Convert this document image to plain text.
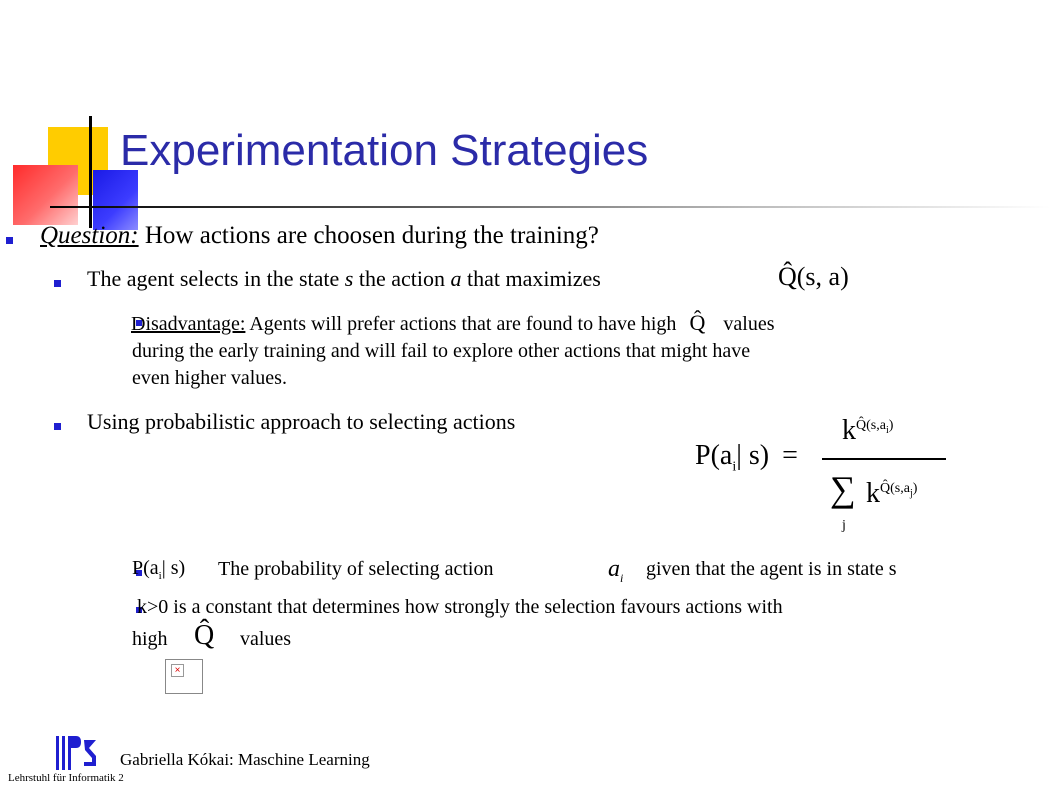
Experimentation Strategies
Question: How actions are choosen during the training?
The agent selects in the state s the action a that maximizes	Q̂(s, a)
Disadvantage: Agents will prefer actions that are found to have high Q̂ values
during the early training and will fail to explore other actions that might have
even higher values.
Using probabilistic approach to selecting actions
$P(a_i|$ s) =
$k^{Q̂(s,a_i)}$
∑
j
$k^{Q̂(s,a_j)}$
$P(a_i|$ s) The probability of selecting action	$a_i$ given that the agent is in state s
k>0 is a constant that determines how strongly the selection favours actions with
high Q̂ values
×
Gabriella Kókai: Maschine Learning
Lehrstuhl für Informatik 2
